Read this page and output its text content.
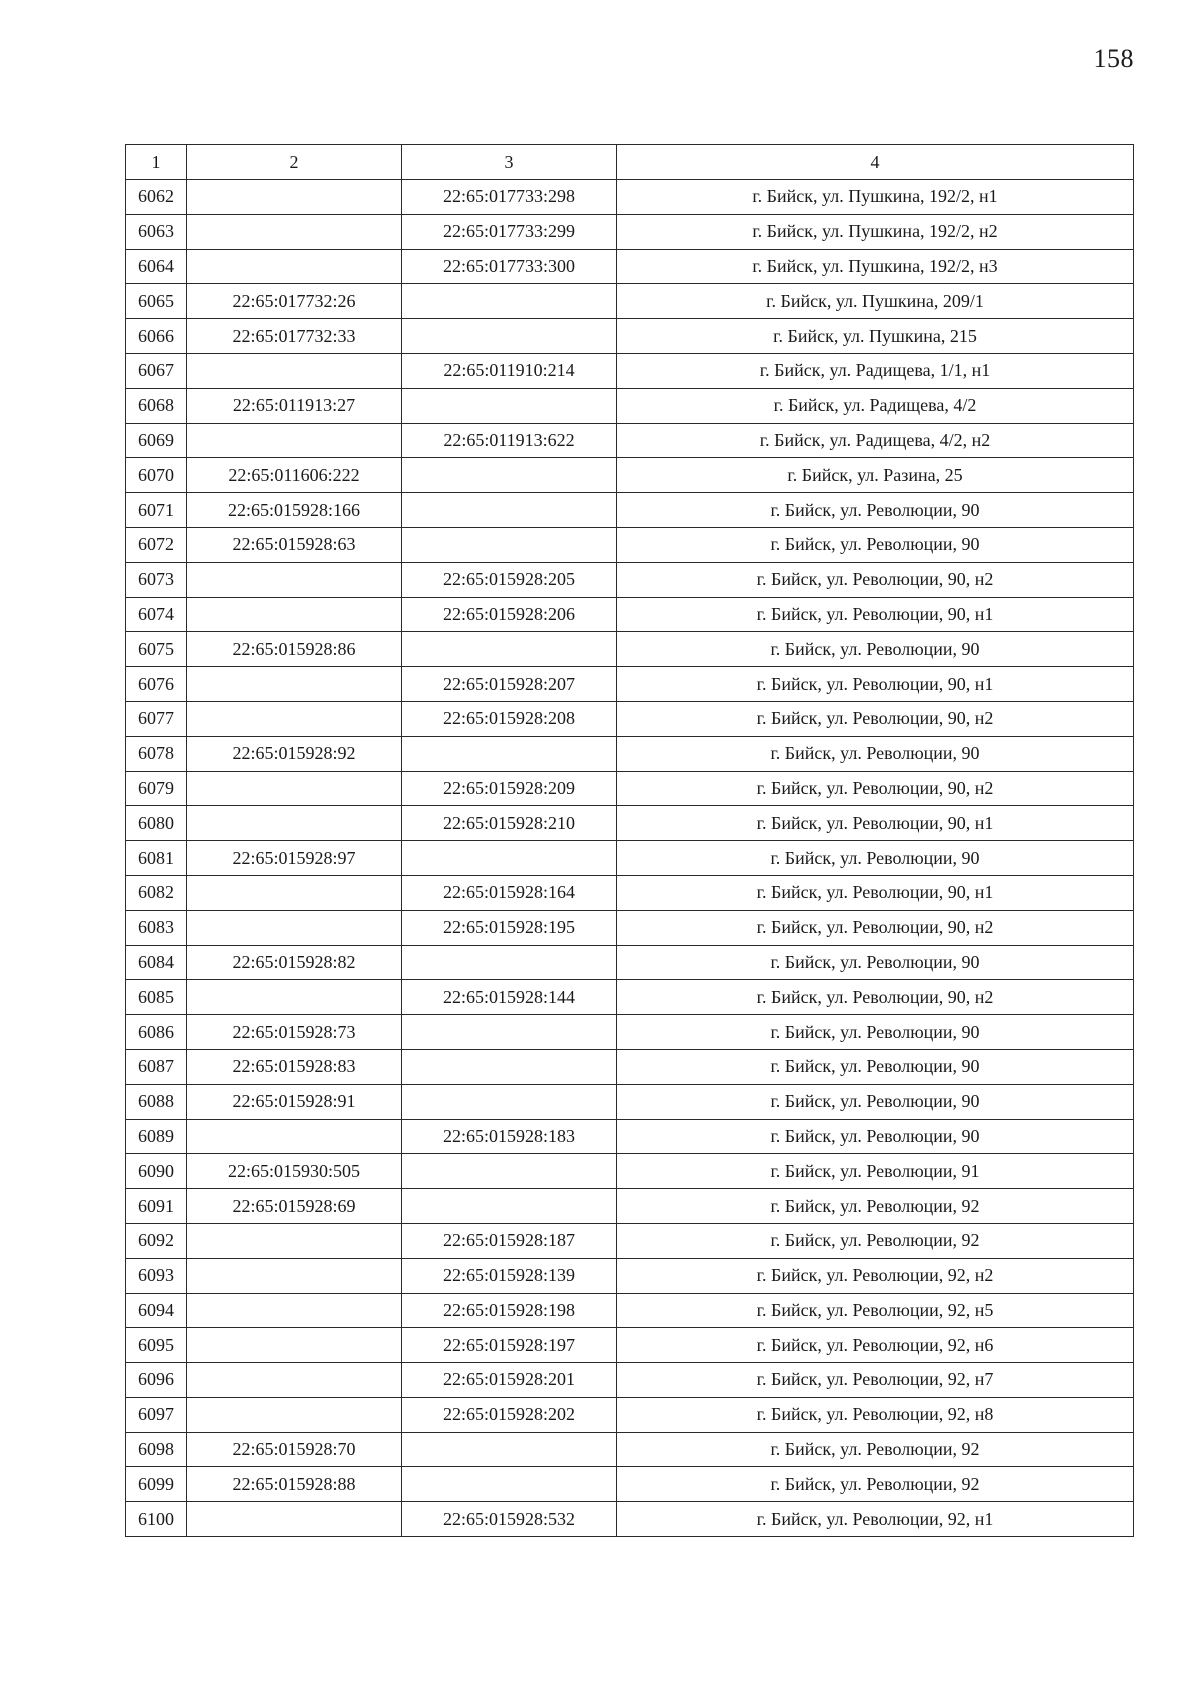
158
1	2	3	4
6062		22:65:017733:298	г. Бийск, ул. Пушкина, 192/2, н1
6063		22:65:017733:299	г. Бийск, ул. Пушкина, 192/2, н2
6064		22:65:017733:300	г. Бийск, ул. Пушкина, 192/2, н3
6065	22:65:017732:26		г. Бийск, ул. Пушкина, 209/1
6066	22:65:017732:33		г. Бийск, ул. Пушкина, 215
6067		22:65:011910:214	г. Бийск, ул. Радищева, 1/1, н1
6068	22:65:011913:27		г. Бийск, ул. Радищева, 4/2
6069		22:65:011913:622	г. Бийск, ул. Радищева, 4/2, н2
6070	22:65:011606:222		г. Бийск, ул. Разина, 25
6071	22:65:015928:166		г. Бийск, ул. Революции, 90
6072	22:65:015928:63		г. Бийск, ул. Революции, 90
6073		22:65:015928:205	г. Бийск, ул. Революции, 90, н2
6074		22:65:015928:206	г. Бийск, ул. Революции, 90, н1
6075	22:65:015928:86		г. Бийск, ул. Революции, 90
6076		22:65:015928:207	г. Бийск, ул. Революции, 90, н1
6077		22:65:015928:208	г. Бийск, ул. Революции, 90, н2
6078	22:65:015928:92		г. Бийск, ул. Революции, 90
6079		22:65:015928:209	г. Бийск, ул. Революции, 90, н2
6080		22:65:015928:210	г. Бийск, ул. Революции, 90, н1
6081	22:65:015928:97		г. Бийск, ул. Революции, 90
6082		22:65:015928:164	г. Бийск, ул. Революции, 90, н1
6083		22:65:015928:195	г. Бийск, ул. Революции, 90, н2
6084	22:65:015928:82		г. Бийск, ул. Революции, 90
6085		22:65:015928:144	г. Бийск, ул. Революции, 90, н2
6086	22:65:015928:73		г. Бийск, ул. Революции, 90
6087	22:65:015928:83		г. Бийск, ул. Революции, 90
6088	22:65:015928:91		г. Бийск, ул. Революции, 90
6089		22:65:015928:183	г. Бийск, ул. Революции, 90
6090	22:65:015930:505		г. Бийск, ул. Революции, 91
6091	22:65:015928:69		г. Бийск, ул. Революции, 92
6092		22:65:015928:187	г. Бийск, ул. Революции, 92
6093		22:65:015928:139	г. Бийск, ул. Революции, 92, н2
6094		22:65:015928:198	г. Бийск, ул. Революции, 92, н5
6095		22:65:015928:197	г. Бийск, ул. Революции, 92, н6
6096		22:65:015928:201	г. Бийск, ул. Революции, 92, н7
6097		22:65:015928:202	г. Бийск, ул. Революции, 92, н8
6098	22:65:015928:70		г. Бийск, ул. Революции, 92
6099	22:65:015928:88		г. Бийск, ул. Революции, 92
6100		22:65:015928:532	г. Бийск, ул. Революции, 92, н1
